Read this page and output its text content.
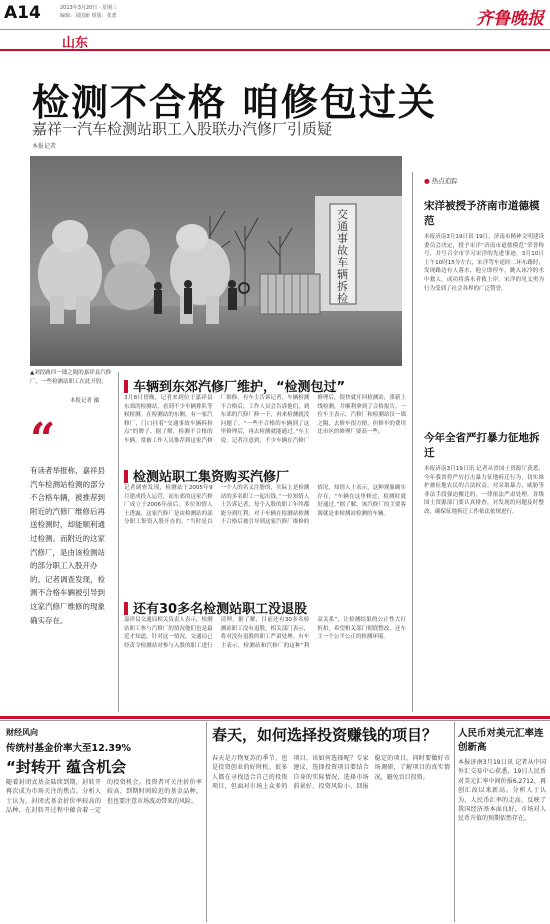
A14	2013年3月20日 · 星期三
编辑：刘国新 组版：张蕾	齐鲁晚报
山东
检测不合格 咱修包过关
嘉祥一汽车检测站职工入股联办汽修厂引质疑
本报记者
交
通
事
故
车
辆
拆
检
▲刘段路四一墙之隔的嘉祥县汽修厂，一些检测站职工在此开股。
本报记者 摄
“
有读者举报称，嘉祥县汽车检测站检测的部分不合格车辆，被推荐到附近的汽修厂维修后再送检测时，却能顺利通过检测。而附近的这家汽修厂，是由该检测站的部分职工入股开办的。记者调查发现，检测不合格车辆被引导到这家汽修厂维修的现象确实存在。
车辆到东郊汽修厂维护，“检测包过”
3月8日傍晚，记者来到位于嘉祥县东郊的检测站，看到不少车辆排队等候检测。在检测站的东侧，有一家汽修厂，门口挂着“交通事故车辆拆检点”的牌子。据了解，检测不合格的车辆，常被工作人员推荐到这家汽修厂维修。有车主告诉记者，车辆检测不合格后，工作人员会告诉他们，到东郊的汽修厂修一下，再来检测就没问题了。“一些不合格的车辆到了这里修理后，再去检测就能通过。”车主说。记者注意到，不少车辆在汽修厂修理后，很快就开回检测站，重新上线检测，并顺利拿到了合格报告。一位车主表示，汽修厂和检测站仅一墙之隔，去修车很方便，但修车的费用比市区的修理厂要高一些。
检测站职工集资购买汽修厂
记者调查发现，检测站于2005年9月建成投入运营，而东郊的这家汽修厂成立于2006年前后。多位知情人士透露，这家汽修厂是由检测站的部分职工集资入股开办的。“当时是以一个人的名义注册的，实际上是检测站的多名职工一起出钱。”一位知情人士告诉记者，每个入股的职工年终都能分到红利。对于车辆在检测站检测不合格后被引导到这家汽修厂维修的情况，知情人士表示，这种现象确实存在，“车辆在这里修过，检测时就好通过。”据了解，该汽修厂的主要客源就是来检测站检测的车辆。
还有30多名检测站职工没退股
嘉祥县交通局相关负责人表示，检测站职工参与汽修厂的情况他们也是最近才知道。针对这一情况，交通局已经责令检测站对参与入股的职工进行清理。据了解，目前还有30多名检测站职工没有退股，相关部门表示，将对没有退股的职工严肃处理。有车主表示，检测站和汽修厂的这种“利益关系”，让检测结果的公正性大打折扣，希望相关部门彻底整改，还车主一个公平公正的检测环境。
● 热点追踪
宋洋被授予济南市道德模范
本报济南3月19日讯 19日，济南市精神文明建设委员会决定，授予宋洋“济南市道德模范”荣誉称号，并号召全市学习宋洋的先进事迹。3月10日上午10时15分左右，宋洋驾车途经二环东路时，发现路边有人落水，他立即停车，跳入冰冷的水中救人，成功将落水者救上岸。宋洋的见义勇为行为受到了社会各界的广泛赞誉。
今年全省严打暴力征地拆迁
本报济南3月19日讯 记者从省国土资源厅获悉，今年我省将严厉打击暴力征地拆迁行为，切实维护被征地农民的合法权益。对采取暴力、威胁等非法手段强迫搬迁的，一律依法严肃处理。各级国土资源部门要认真排查，对发现的问题及时整改，确保征地拆迁工作依法依规进行。
财经风向
传统村基金价率大至12.39%
“封转开 蕴含机会
随着封闭式基金陆续到期，封转开再次成为市场关注的焦点。分析人士认为，封闭式基金折价率较高的品种，在封转开过程中蕴含着一定的投资机会。投资者可关注折价率较高、到期时间较近的基金品种，但也要注意市场波动带来的风险。
春天，如何选择投资赚钱的项目？
春天是万物复苏的季节，也是投资创业的好时机。很多人都在寻找适合自己的投资项目，但面对市场上众多的项目，该如何选择呢？专家建议，选择投资项目要结合自身的实际情况，选择市场前景好、投资风险小、回报稳定的项目。同时要做好市场调研，了解项目的真实情况，避免盲目投资。
人民币对美元汇率连创新高
本报济南3月19日讯 记者从中国外汇交易中心获悉，19日人民币对美元汇率中间价报6.2712，再创汇改以来新高。分析人士认为，人民币汇率的走高，反映了我国经济基本面良好，市场对人民币升值的预期依然存在。
